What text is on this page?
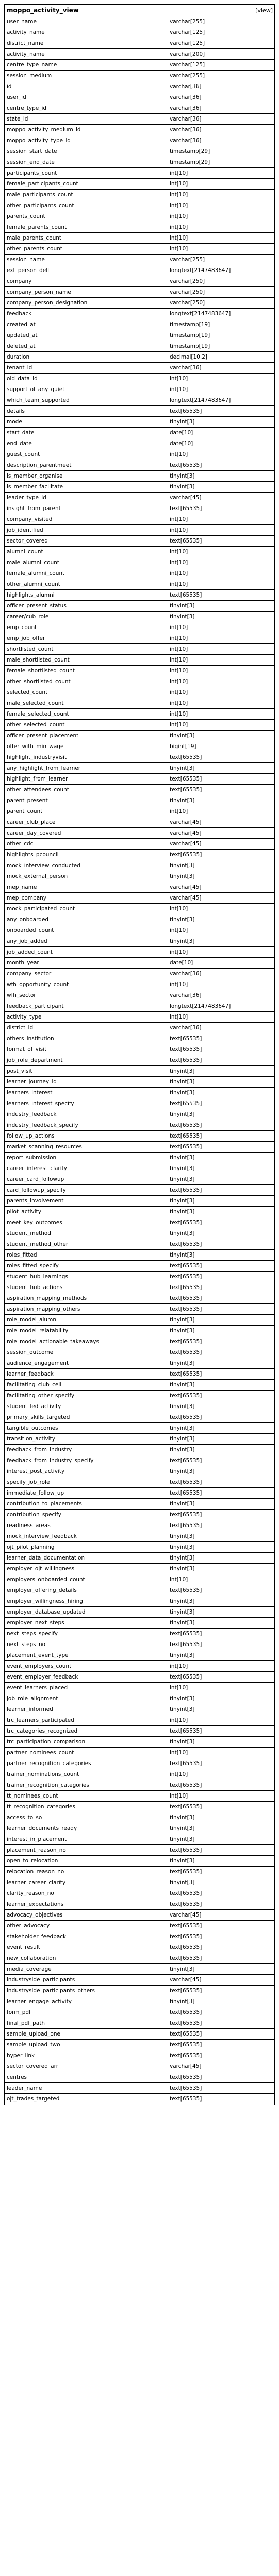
moppo_activity_view	[view]
user_name	varchar[255]
activity_name	varchar[125]
district_name	varchar[125]
activity_name	varchar[200]
centre_type_name	varchar[125]
session_medium	varchar[255]
id	varchar[36]
user_id	varchar[36]
centre_type_id	varchar[36]
state_id	varchar[36]
moppo_activity_medium_id	varchar[36]
moppo_activity_type_id	varchar[36]
session_start_date	timestamp[29]
session_end_date	timestamp[29]
participants_count	int[10]
female_participants_count	int[10]
male_participants_count	int[10]
other_participants_count	int[10]
parents_count	int[10]
female_parents_count	int[10]
male_parents_count	int[10]
other_parents_count	int[10]
session_name	varchar[255]
ext_person_dell	longtext[2147483647]
company	varchar[250]
company_person_name	varchar[250]
company_person_designation	varchar[250]
feedback	longtext[2147483647]
created_at	timestamp[19]
updated_at	timestamp[19]
deleted_at	timestamp[19]
duration	decimal[10,2]
tenant_id	varchar[36]
old_data_id	int[10]
support_of_any_quiet	int[10]
which_team_supported	longtext[2147483647]
details	text[65535]
mode	tinyint[3]
start_date	date[10]
end_date	date[10]
guest_count	int[10]
description_parentmeet	text[65535]
is_member_organise	tinyint[3]
is_member_facilitate	tinyint[3]
leader_type_id	varchar[45]
insight_from_parent	text[65535]
company_visited	int[10]
job_identified	int[10]
sector_covered	text[65535]
alumni_count	int[10]
male_alumni_count	int[10]
female_alumni_count	int[10]
other_alumni_count	int[10]
highlights_alumni	text[65535]
officer_present_status	tinyint[3]
career/cub_role	tinyint[3]
emp_count	int[10]
emp_job_offer	int[10]
shortlisted_count	int[10]
male_shortlisted_count	int[10]
female_shortlisted_count	int[10]
other_shortlisted_count	int[10]
selected_count	int[10]
male_selected_count	int[10]
female_selected_count	int[10]
other_selected_count	int[10]
officer_present_placement	tinyint[3]
offer_with_min_wage	bigint[19]
highlight_industryvisit	text[65535]
any_highlight_from_learner	tinyint[3]
highlight_from_learner	text[65535]
other_attendees_count	text[65535]
parent_present	tinyint[3]
parent_count	int[10]
career_club_place	varchar[45]
career_day_covered	varchar[45]
other_cdc	varchar[45]
highlights_pcouncil	text[65535]
mock_interview_conducted	tinyint[3]
mock_external_person	tinyint[3]
mep_name	varchar[45]
mep_company	varchar[45]
mock_participated_count	int[10]
any_onboarded	tinyint[3]
onboarded_count	int[10]
any_job_added	tinyint[3]
job_added_count	int[10]
month_year	date[10]
company_sector	varchar[36]
wfh_opportunity_count	int[10]
wfh_sector	varchar[36]
feedback_participant	longtext[2147483647]
activity_type	int[10]
district_id	varchar[36]
others_institution	text[65535]
format_of_visit	text[65535]
job_role_department	text[65535]
post_visit	tinyint[3]
learner_journey_id	tinyint[3]
learners_interest	tinyint[3]
learners_interest_specify	text[65535]
industry_feedback	tinyint[3]
industry_feedback_specify	text[65535]
follow_up_actions	text[65535]
market_scanning_resources	text[65535]
report_submission	tinyint[3]
career_interest_clarity	tinyint[3]
career_card_followup	tinyint[3]
card_followup_specify	text[65535]
parents_involvement	tinyint[3]
pilot_activity	tinyint[3]
meet_key_outcomes	text[65535]
student_method	tinyint[3]
student_method_other	text[65535]
roles_fitted	tinyint[3]
roles_fitted_specify	text[65535]
student_hub_learnings	text[65535]
student_hub_actions	text[65535]
aspiration_mapping_methods	text[65535]
aspiration_mapping_others	text[65535]
role_model_alumni	tinyint[3]
role_model_relatability	tinyint[3]
role_model_actionable_takeaways	text[65535]
session_outcome	text[65535]
audience_engagement	tinyint[3]
learner_feedback	text[65535]
facilitating_club_cell	tinyint[3]
facilitating_other_specify	text[65535]
student_led_activity	tinyint[3]
primary_skills_targeted	text[65535]
tangible_outcomes	tinyint[3]
transition_activity	tinyint[3]
feedback_from_industry	tinyint[3]
feedback_from_industry_specify	text[65535]
interest_post_activity	tinyint[3]
specify_job_role	text[65535]
immediate_follow_up	text[65535]
contribution_to_placements	tinyint[3]
contribution_specify	text[65535]
readiness_areas	text[65535]
mock_interview_feedback	tinyint[3]
ojt_pilot_planning	tinyint[3]
learner_data_documentation	tinyint[3]
employer_ojt_willingness	tinyint[3]
employers_onboarded_count	int[10]
employer_offering_details	text[65535]
employer_willingness_hiring	tinyint[3]
employer_database_updated	tinyint[3]
employer_next_steps	tinyint[3]
next_steps_specify	text[65535]
next_steps_no	text[65535]
placement_event_type	tinyint[3]
event_employers_count	int[10]
event_employer_feedback	text[65535]
event_learners_placed	int[10]
job_role_alignment	tinyint[3]
learner_informed	tinyint[3]
trc_learners_participated	int[10]
trc_categories_recognized	text[65535]
trc_participation_comparison	tinyint[3]
partner_nominees_count	int[10]
partner_recognition_categories	text[65535]
trainer_nominations_count	int[10]
trainer_recognition_categories	text[65535]
tt_nominees_count	int[10]
tt_recognition_categories	text[65535]
access_to_so	tinyint[3]
learner_documents_ready	tinyint[3]
interest_in_placement	tinyint[3]
placement_reason_no	text[65535]
open_to_relocation	tinyint[3]
relocation_reason_no	text[65535]
learner_career_clarity	tinyint[3]
clarity_reason_no	text[65535]
learner_expectations	text[65535]
advocacy_objectives	varchar[45]
other_advocacy	text[65535]
stakeholder_feedback	text[65535]
event_result	text[65535]
new_collaboration	text[65535]
media_coverage	tinyint[3]
industryside_participants	varchar[45]
industryside_participants_others	text[65535]
learner_engage_activity	tinyint[3]
form_pdf	text[65535]
final_pdf_path	text[65535]
sample_upload_one	text[65535]
sample_upload_two	text[65535]
hyper_link	text[65535]
sector_covered_arr	varchar[45]
centres	text[65535]
leader_name	text[65535]
ojt_trades_targeted	text[65535]
